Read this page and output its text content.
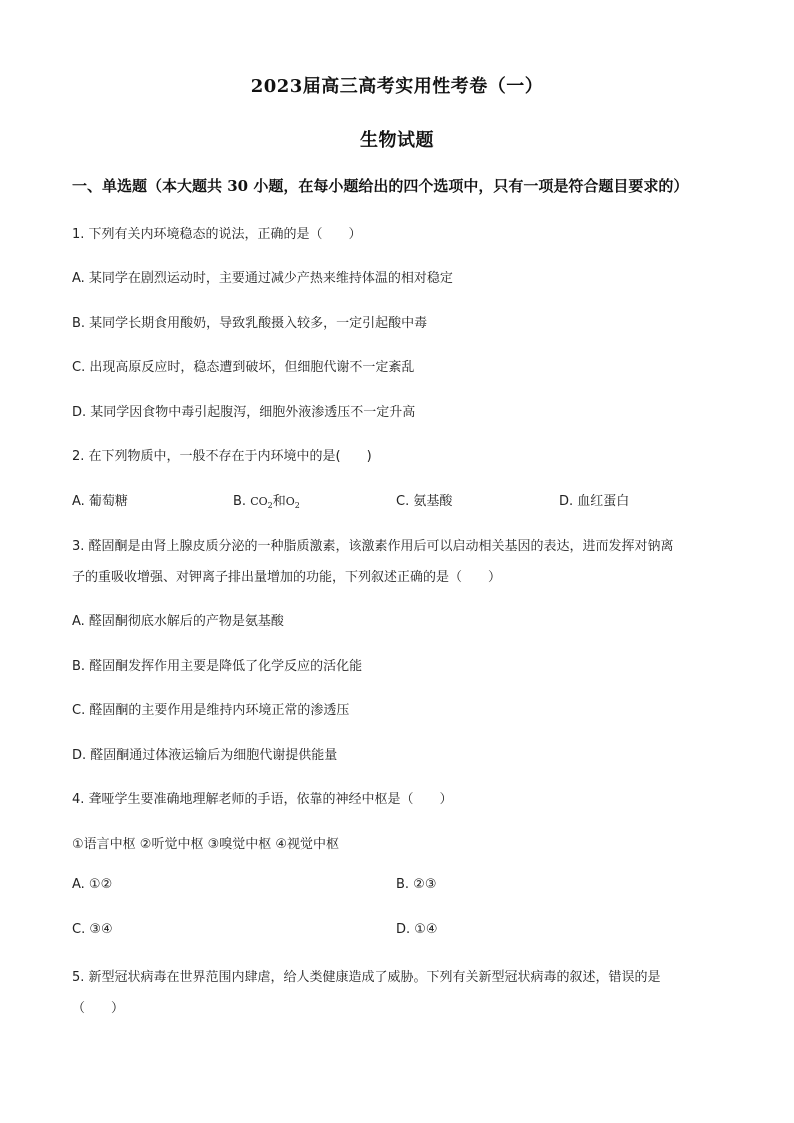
2023届高三高考实用性考卷（一）
生物试题
一、单选题（本大题共 30 小题，在每小题给出的四个选项中，只有一项是符合题目要求的）
1. 下列有关内环境稳态的说法，正确的是（　　）
A. 某同学在剧烈运动时，主要通过减少产热来维持体温的相对稳定
B. 某同学长期食用酸奶，导致乳酸摄入较多，一定引起酸中毒
C. 出现高原反应时，稳态遭到破坏，但细胞代谢不一定紊乱
D. 某同学因食物中毒引起腹泻，细胞外液渗透压不一定升高
2. 在下列物质中，一般不存在于内环境中的是(　　)
A. 葡萄糖	B. $CO_2$和$O_2$	C. 氨基酸	D. 血红蛋白
3. 醛固酮是由肾上腺皮质分泌的一种脂质激素，该激素作用后可以启动相关基因的表达，进而发挥对钠离
子的重吸收增强、对钾离子排出量增加的功能，下列叙述正确的是（　　）
A. 醛固酮彻底水解后的产物是氨基酸
B. 醛固酮发挥作用主要是降低了化学反应的活化能
C. 醛固酮的主要作用是维持内环境正常的渗透压
D. 醛固酮通过体液运输后为细胞代谢提供能量
4. 聋哑学生要准确地理解老师的手语，依靠的神经中枢是（　　）
①语言中枢 ②听觉中枢 ③嗅觉中枢 ④视觉中枢
A. ①②	B. ②③
C. ③④	D. ①④
5. 新型冠状病毒在世界范围内肆虐，给人类健康造成了威胁。下列有关新型冠状病毒的叙述，错误的是
（　　）
